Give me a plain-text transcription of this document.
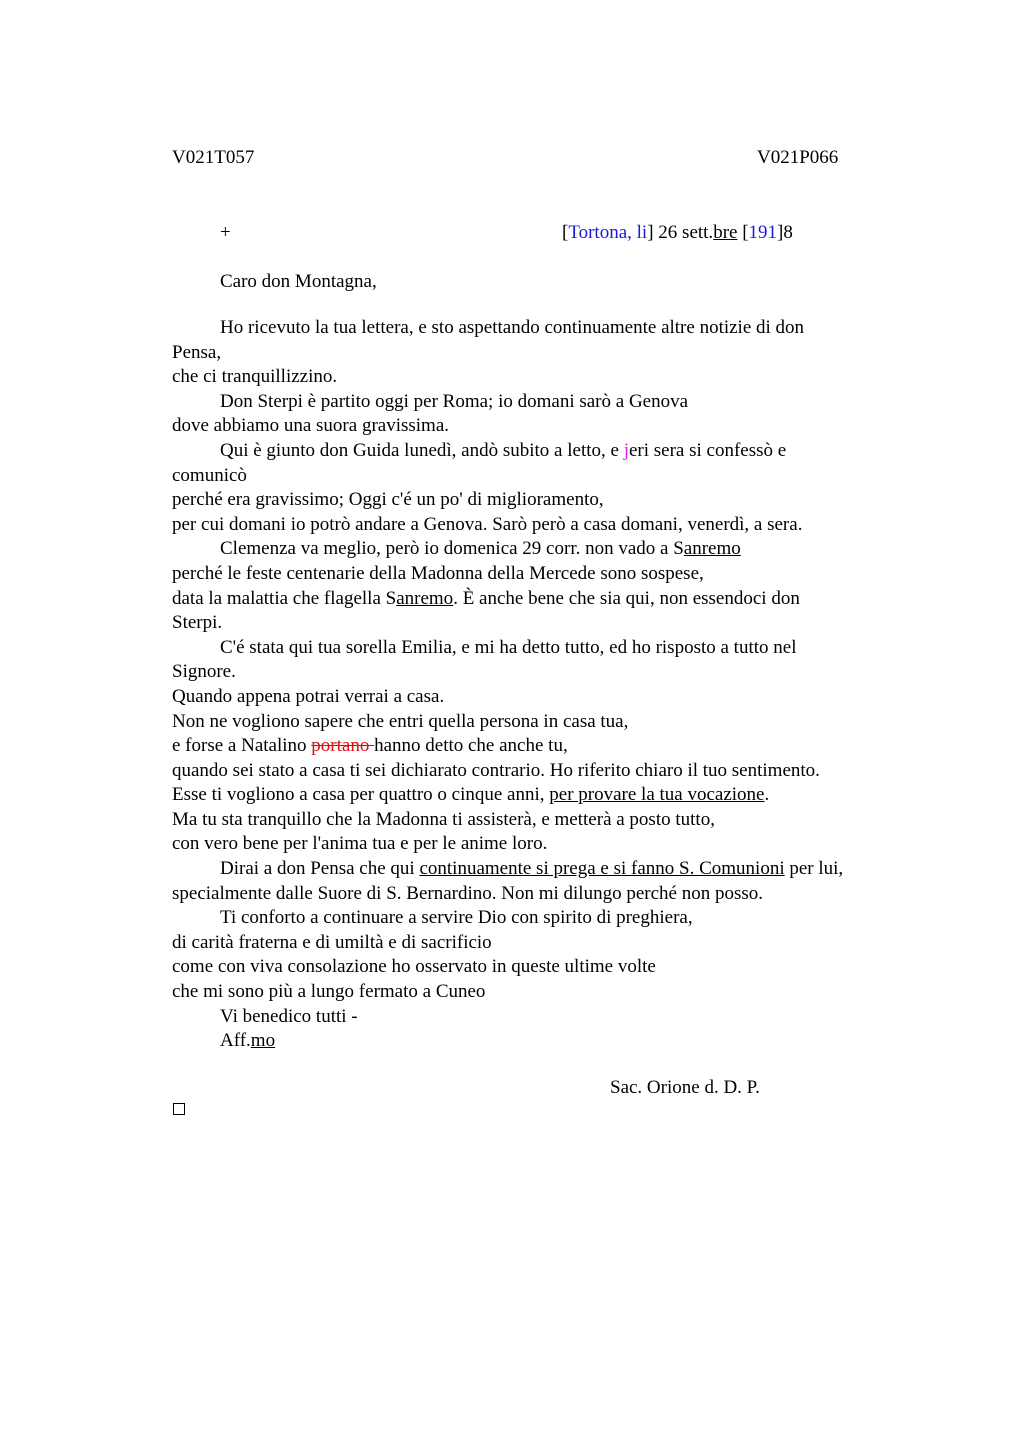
V021T057	V021P066
+	[Tortona, li] 26 sett.bre [191]8
Caro don Montagna,
Ho ricevuto la tua lettera, e sto aspettando continuamente altre notizie di don
Pensa,
che ci tranquillizzino.
Don Sterpi è partito oggi per Roma; io domani sarò a Genova
dove abbiamo una suora gravissima.
Qui è giunto don Guida lunedì, andò subito a letto, e jeri sera si confessò e
comunicò
perché era gravissimo; Oggi c'é un po' di miglioramento,
per cui domani io potrò andare a Genova. Sarò però a casa domani, venerdì, a sera.
Clemenza va meglio, però io domenica 29 corr. non vado a Sanremo
perché le feste centenarie della Madonna della Mercede sono sospese,
data la malattia che flagella Sanremo. È anche bene che sia qui, non essendoci don
Sterpi.
C'é stata qui tua sorella Emilia, e mi ha detto tutto, ed ho risposto a tutto nel
Signore.
Quando appena potrai verrai a casa.
Non ne vogliono sapere che entri quella persona in casa tua,
e forse a Natalino portano hanno detto che anche tu,
quando sei stato a casa ti sei dichiarato contrario. Ho riferito chiaro il tuo sentimento.
Esse ti vogliono a casa per quattro o cinque anni, per provare la tua vocazione.
Ma tu sta tranquillo che la Madonna ti assisterà, e metterà a posto tutto,
con vero bene per l'anima tua e per le anime loro.
Dirai a don Pensa che qui continuamente si prega e si fanno S. Comunioni per lui,
specialmente dalle Suore di S. Bernardino. Non mi dilungo perché non posso.
Ti conforto a continuare a servire Dio con spirito di preghiera,
di carità fraterna e di umiltà e di sacrificio
come con viva consolazione ho osservato in queste ultime volte
che mi sono più a lungo fermato a Cuneo
Vi benedico tutti -
Aff.mo
Sac. Orione d. D. P.
